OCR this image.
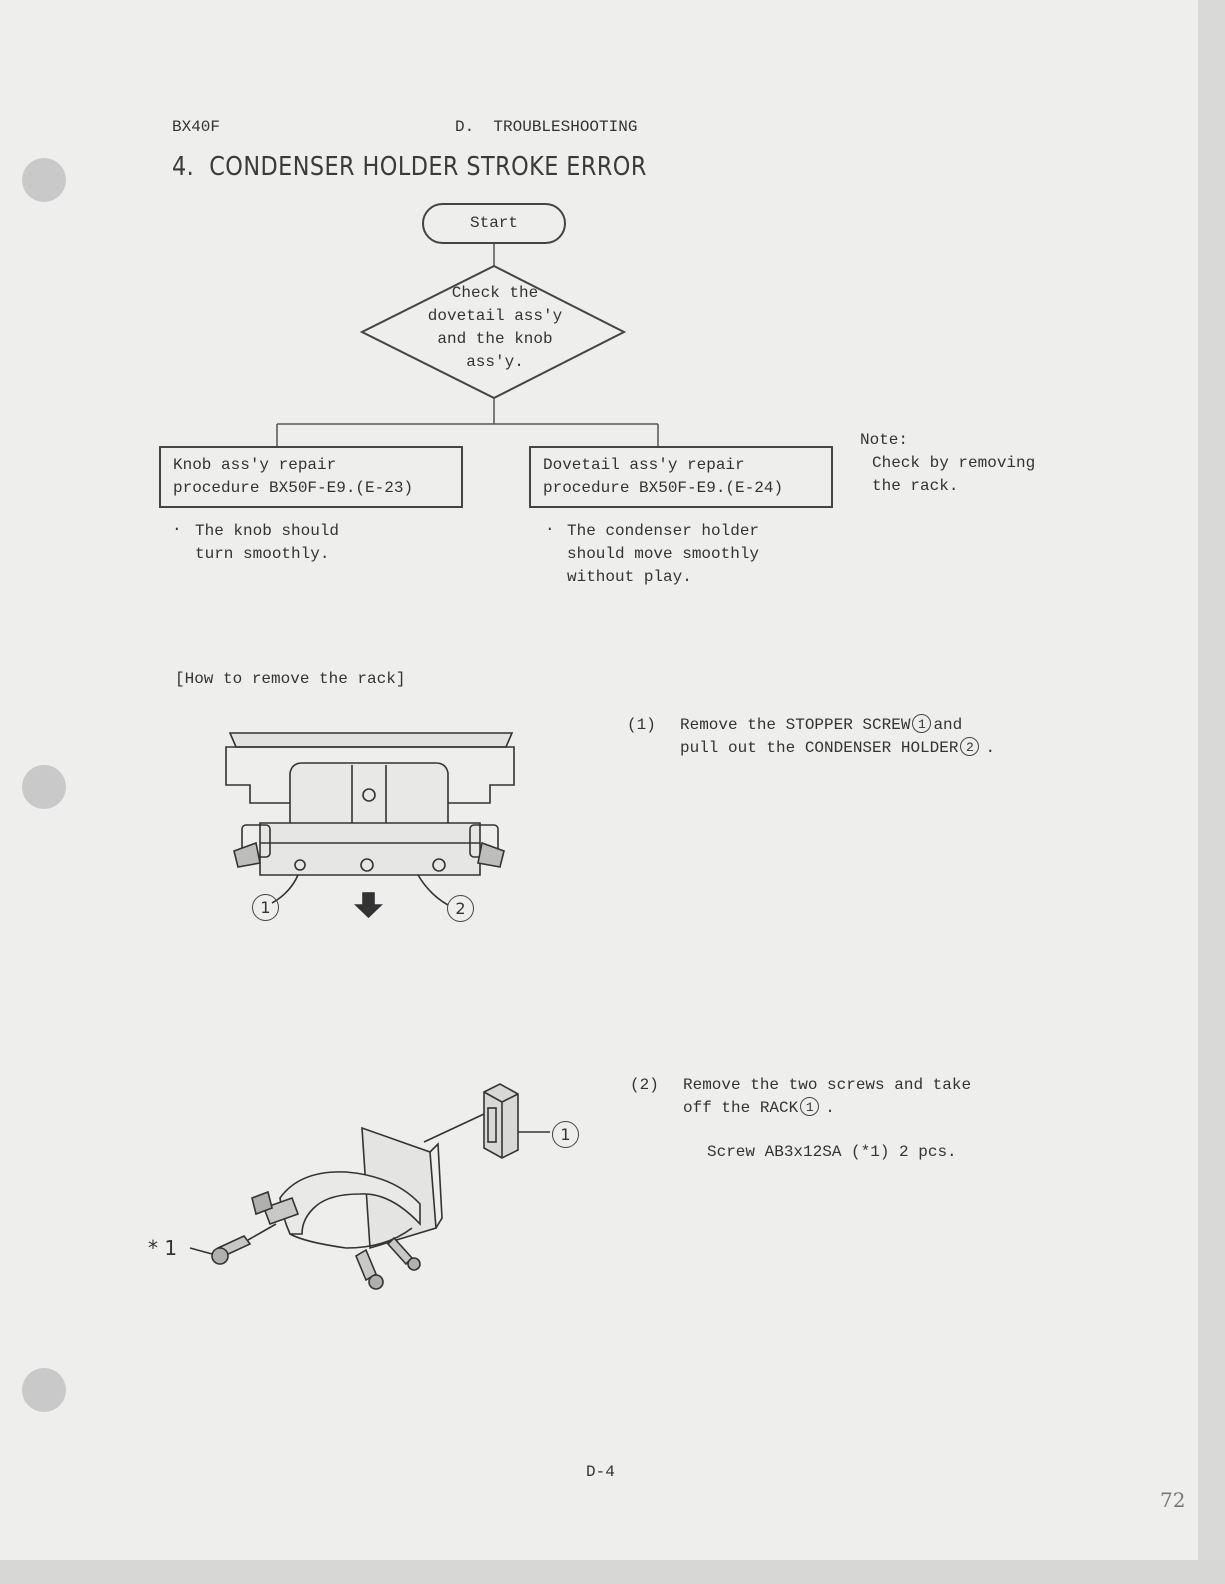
BX40F	D.  TROUBLESHOOTING
4.  CONDENSER HOLDER STROKE ERROR
Start
Check the
dovetail ass'y
and the knob
ass'y.
Knob ass'y repair
procedure BX50F-E9.(E-23)
Dovetail ass'y repair
procedure BX50F-E9.(E-24)
· The knob should
turn smoothly.
· The condenser holder
should move smoothly
without play.
Note:
Check by removing
the rack.
[How to remove the rack]
(1) Remove the STOPPER SCREW 1 and
pull out the CONDENSER HOLDER 2 .
1	2
(2) Remove the two screws and take
off the RACK 1 .
Screw AB3x12SA (*1) 2 pcs.
1
* 1
D-4
72
